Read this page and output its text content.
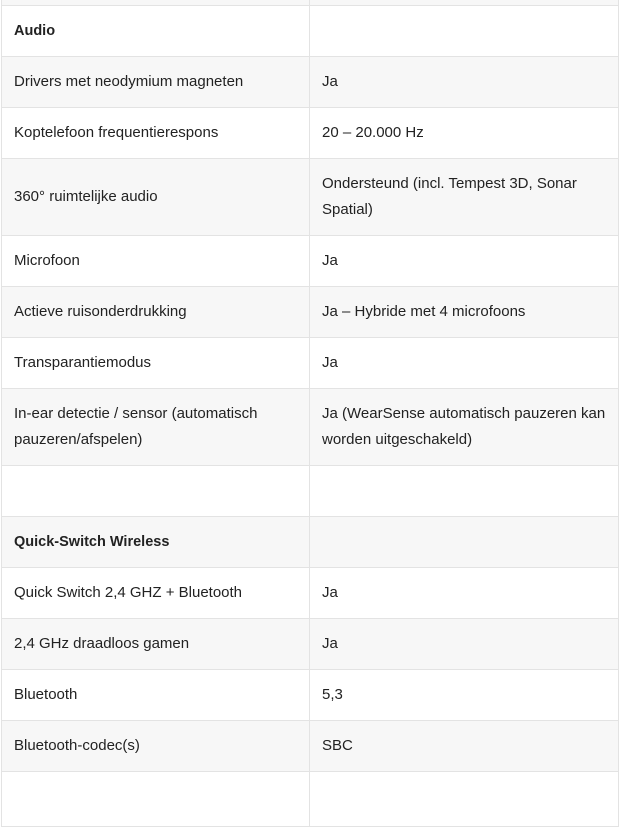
Audio	
Drivers met neodymium magneten	Ja
Koptelefoon frequentierespons	20 – 20.000 Hz
360° ruimtelijke audio	Ondersteund (incl. Tempest 3D, Sonar Spatial)
Microfoon	Ja
Actieve ruisonderdrukking	Ja – Hybride met 4 microfoons
Transparantiemodus	Ja
In-ear detectie / sensor (automatisch pauzeren/afspelen)	Ja (WearSense automatisch pauzeren kan worden uitgeschakeld)

Quick-Switch Wireless	
Quick Switch 2,4 GHZ + Bluetooth	Ja
2,4 GHz draadloos gamen	Ja
Bluetooth	5,3
Bluetooth-codec(s)	SBC
